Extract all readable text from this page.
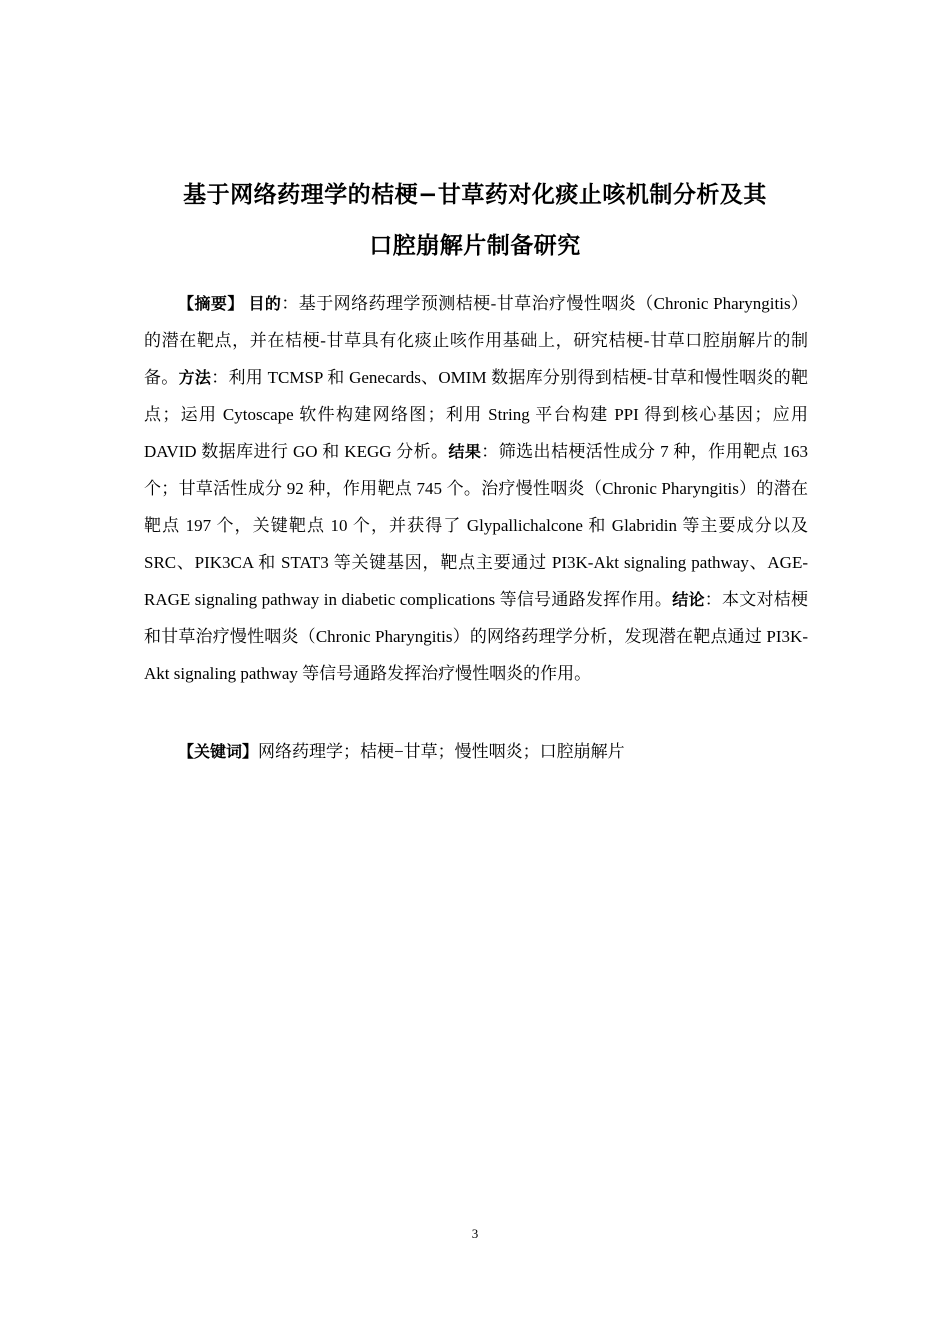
基于网络药理学的桔梗−甘草药对化痰止咳机制分析及其
口腔崩解片制备研究

【摘要】 目的：基于网络药理学预测桔梗-甘草治疗慢性咽炎（Chronic Pharyngitis）的潜在靶点，并在桔梗-甘草具有化痰止咳作用基础上，研究桔梗-甘草口腔崩解片的制备。方法：利用 TCMSP 和 Genecards、OMIM 数据库分别得到桔梗-甘草和慢性咽炎的靶点；运用 Cytoscape 软件构建网络图；利用 String 平台构建 PPI 得到核心基因；应用 DAVID 数据库进行 GO 和 KEGG 分析。结果：筛选出桔梗活性成分 7 种，作用靶点 163 个；甘草活性成分 92 种，作用靶点 745 个。治疗慢性咽炎（Chronic Pharyngitis）的潜在靶点 197 个，关键靶点 10 个，并获得了 Glypallichalcone 和 Glabridin 等主要成分以及 SRC、PIK3CA 和 STAT3 等关键基因，靶点主要通过 PI3K-Akt signaling pathway、AGE-RAGE signaling pathway in diabetic complications 等信号通路发挥作用。结论：本文对桔梗和甘草治疗慢性咽炎（Chronic Pharyngitis）的网络药理学分析，发现潜在靶点通过 PI3K-Akt signaling pathway 等信号通路发挥治疗慢性咽炎的作用。

【关键词】网络药理学；桔梗−甘草；慢性咽炎；口腔崩解片
3
